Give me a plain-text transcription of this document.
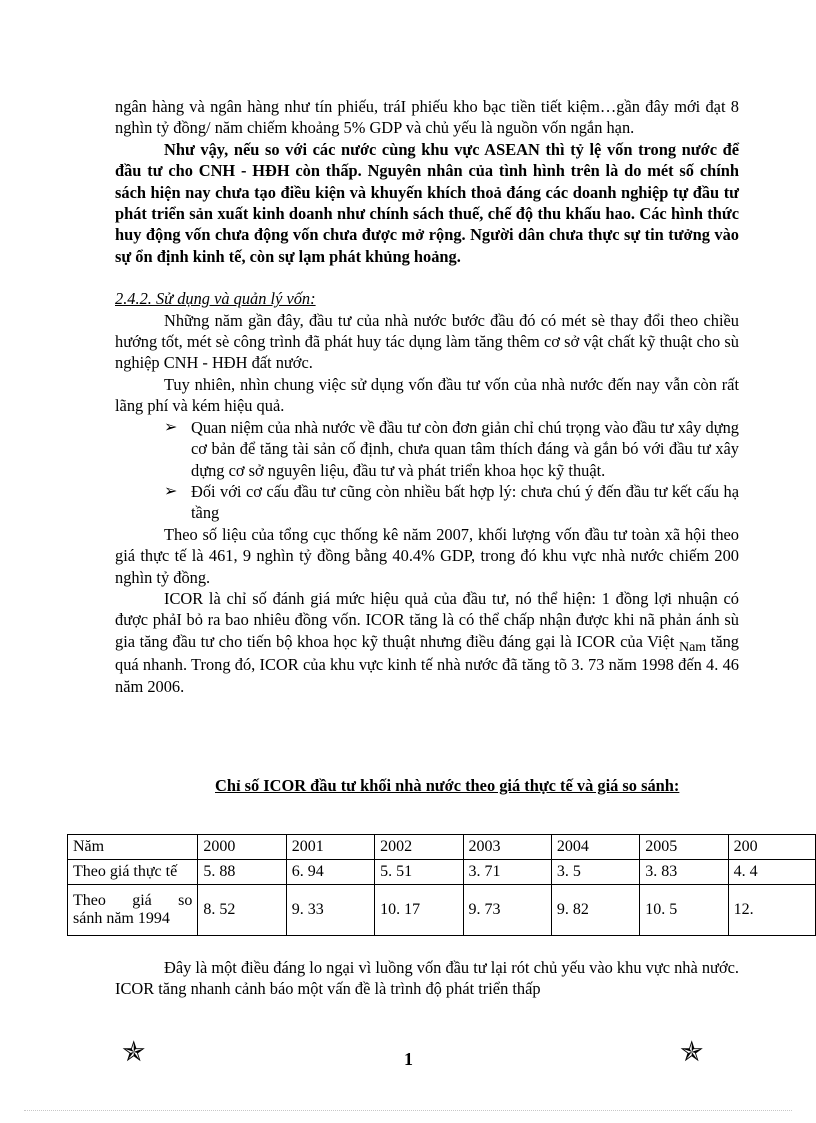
ngân hàng và ngân hàng như tín phiếu, tráI phiếu kho bạc tiền tiết kiệm…gần đây mới đạt 8 nghìn tỷ đồng/ năm chiếm khoảng 5% GDP và chủ yếu là nguồn vốn ngắn hạn.

Như vậy, nếu so với các nước cùng khu vực ASEAN thì tỷ lệ vốn trong nước để đầu tư cho CNH - HĐH còn thấp. Nguyên nhân của tình hình trên là do mét số chính sách hiện nay chưa tạo điều kiện và khuyến khích thoả đáng các doanh nghiệp tự đầu tư phát triển sản xuất kinh doanh như chính sách thuế, chế độ thu khấu hao. Các hình thức huy động vốn chưa động vốn chưa được mở rộng. Người dân chưa thực sự tin tưởng vào sự ổn định kinh tế, còn sự lạm phát khủng hoảng.

2.4.2. Sử dụng và quản lý vốn:

Những năm gần đây, đầu tư của nhà nước bước đầu đó có mét sè thay đổi theo chiều hướng tốt, mét sè công trình đã phát huy tác dụng làm tăng thêm cơ sở vật chất kỹ thuật cho sù nghiệp CNH - HĐH đất nước.

Tuy nhiên, nhìn chung việc sử dụng vốn đầu tư vốn của nhà nước đến nay vẫn còn rất lãng phí và kém hiệu quả.

➢ Quan niệm của nhà nước về đầu tư còn đơn giản chỉ chú trọng vào đầu tư xây dựng cơ bản để tăng tài sản cố định, chưa quan tâm thích đáng và gắn bó với đầu tư xây dựng cơ sở nguyên liệu, đầu tư và phát triển khoa học kỹ thuật.

➢ Đối với cơ cấu đầu tư cũng còn nhiều bất hợp lý: chưa chú ý đến đầu tư kết cấu hạ tầng

Theo số liệu của tổng cục thống kê năm 2007, khối lượng vốn đầu tư toàn xã hội theo giá thực tế là 461, 9 nghìn tỷ đồng bằng 40.4% GDP, trong đó khu vực nhà nước chiếm 200 nghìn tỷ đồng.

ICOR là chỉ số đánh giá mức hiệu quả của đầu tư, nó thể hiện: 1 đồng lợi nhuận có được phảI bỏ ra bao nhiêu đồng vốn. ICOR tăng là có thể chấp nhận được khi nã phản ánh sù gia tăng đầu tư cho tiến bộ khoa học kỹ thuật nhưng điều đáng gại là ICOR của Việt Nam tăng quá nhanh. Trong đó, ICOR của khu vực kinh tế nhà nước đã tăng tõ 3. 73 năm 1998 đến 4. 46 năm 2006.

Chỉ số ICOR đầu tư khối nhà nước theo giá thực tế và giá so sánh:
Năm	2000	2001	2002	2003	2004	2005	200
Theo giá thực tế	5. 88	6. 94	5. 51	3. 71	3. 5	3. 83	4. 4

Theo giá so
sánh năm 1994	8. 52	9. 33	10. 17	9. 73	9. 82	10. 5	12.

Đây là một điều đáng lo ngại vì luồng vốn đầu tư lại rót chủ yếu vào khu vực nhà nước. ICOR tăng nhanh cảnh báo một vấn đề là trình độ phát triển thấp

✯	1	✯
